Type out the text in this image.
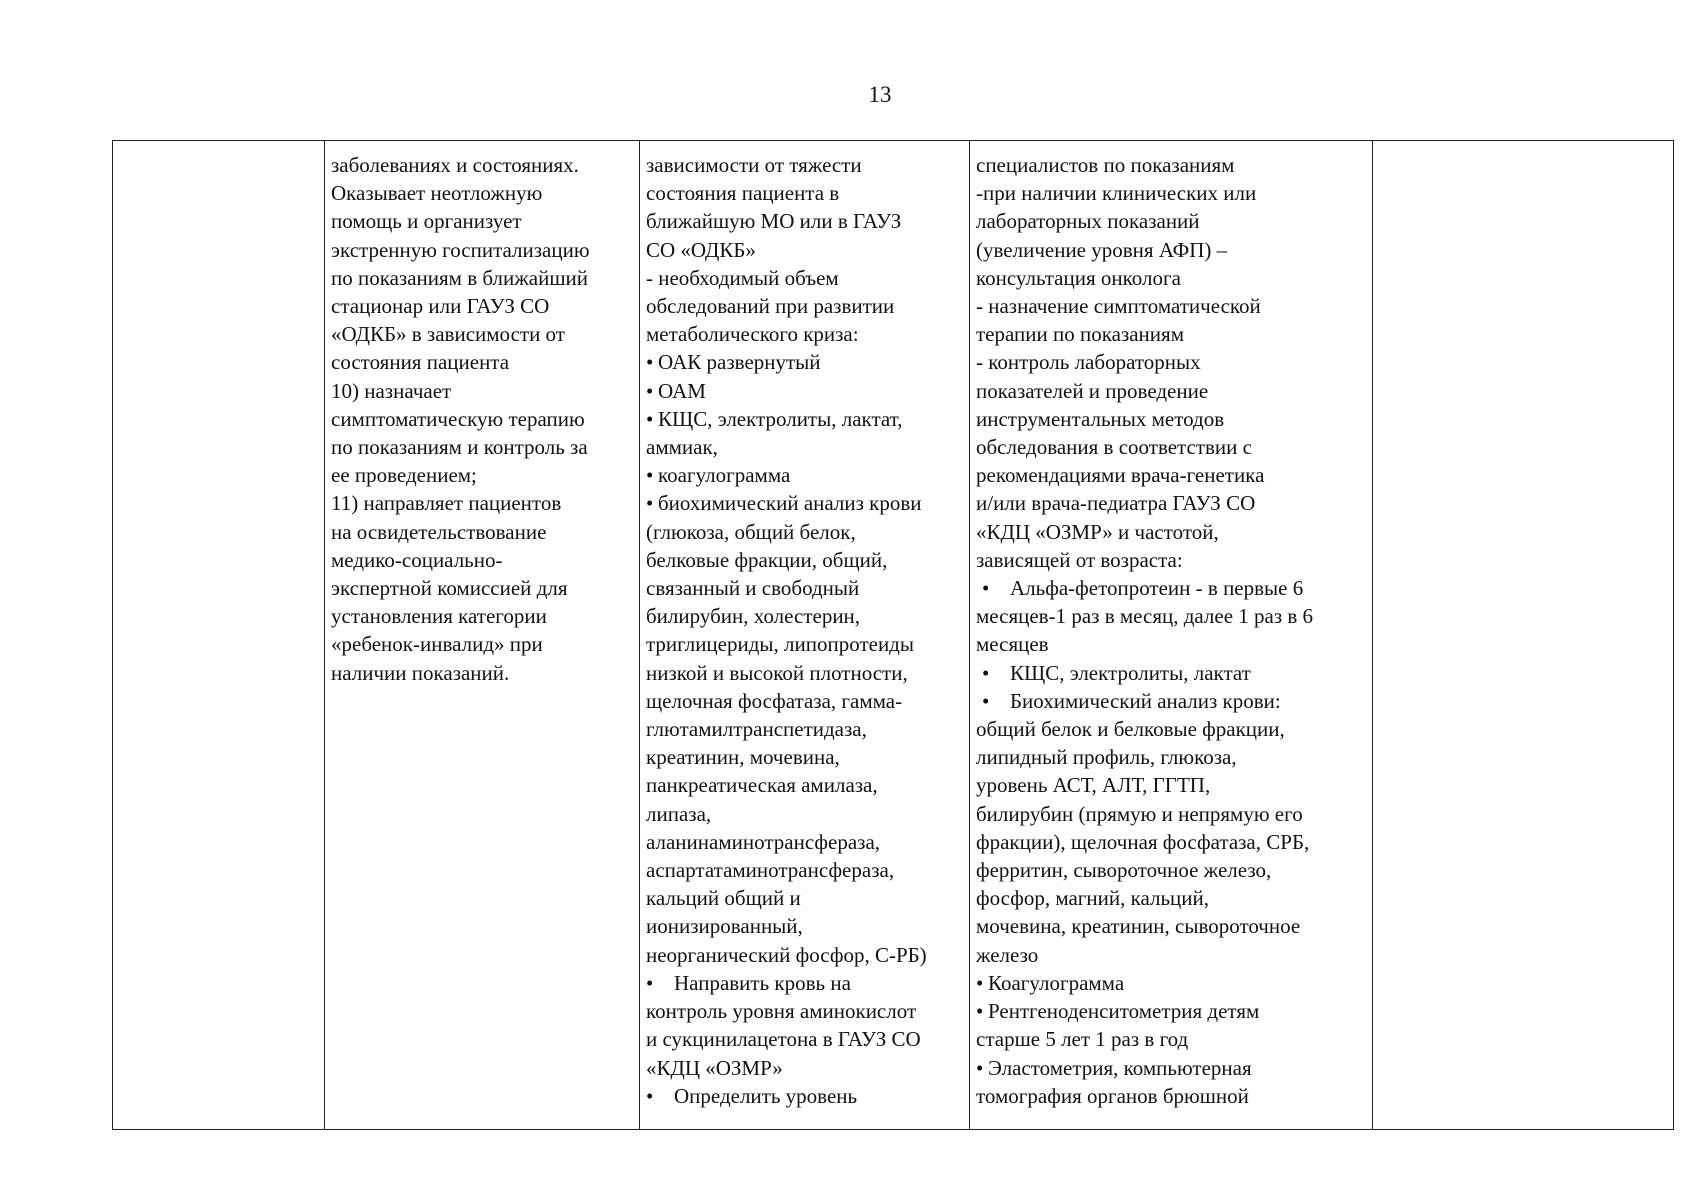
13

заболеваниях и состояниях.
Оказывает неотложную
помощь и организует
экстренную госпитализацию
по показаниям в ближайший
стационар или ГАУЗ СО
«ОДКБ» в зависимости от
состояния пациента
10) назначает
симптоматическую терапию
по показаниям и контроль за
ее проведением;
11) направляет пациентов
на освидетельствование
медико-социально-
экспертной комиссией для
установления категории
«ребенок-инвалид» при
наличии показаний.

зависимости от тяжести
состояния пациента в
ближайшую МО или в ГАУЗ
СО «ОДКБ»
- необходимый объем
обследований при развитии
метаболического криза:
• ОАК развернутый
• ОАМ
• КЩС, электролиты, лактат,
аммиак,
• коагулограмма
• биохимический анализ крови
(глюкоза, общий белок,
белковые фракции, общий,
связанный и свободный
билирубин, холестерин,
триглицериды, липопротеиды
низкой и высокой плотности,
щелочная фосфатаза, гамма-
глютамилтранспетидаза,
креатинин, мочевина,
панкреатическая амилаза,
липаза,
аланинаминотрансфераза,
аспартатаминотрансфераза,
кальций общий и
ионизированный,
неорганический фосфор, С-РБ)
• Направить кровь на
контроль уровня аминокислот
и сукцинилацетона в ГАУЗ СО
«КДЦ «ОЗМР»
• Определить уровень

специалистов по показаниям
-при наличии клинических или
лабораторных показаний
(увеличение уровня АФП) –
консультация онколога
- назначение симптоматической
терапии по показаниям
- контроль лабораторных
показателей и проведение
инструментальных методов
обследования в соответствии с
рекомендациями врача-генетика
и/или врача-педиатра ГАУЗ СО
«КДЦ «ОЗМР» и частотой,
зависящей от возраста:
• Альфа-фетопротеин - в первые 6
месяцев-1 раз в месяц, далее 1 раз в 6
месяцев
• КЩС, электролиты, лактат
• Биохимический анализ крови:
общий белок и белковые фракции,
липидный профиль, глюкоза,
уровень АСТ, АЛТ, ГГТП,
билирубин (прямую и непрямую его
фракции), щелочная фосфатаза, СРБ,
ферритин, сывороточное железо,
фосфор, магний, кальций,
мочевина, креатинин, сывороточное
железо
• Коагулограмма
• Рентгеноденситометрия детям
старше 5 лет 1 раз в год
• Эластометрия, компьютерная
томография органов брюшной
